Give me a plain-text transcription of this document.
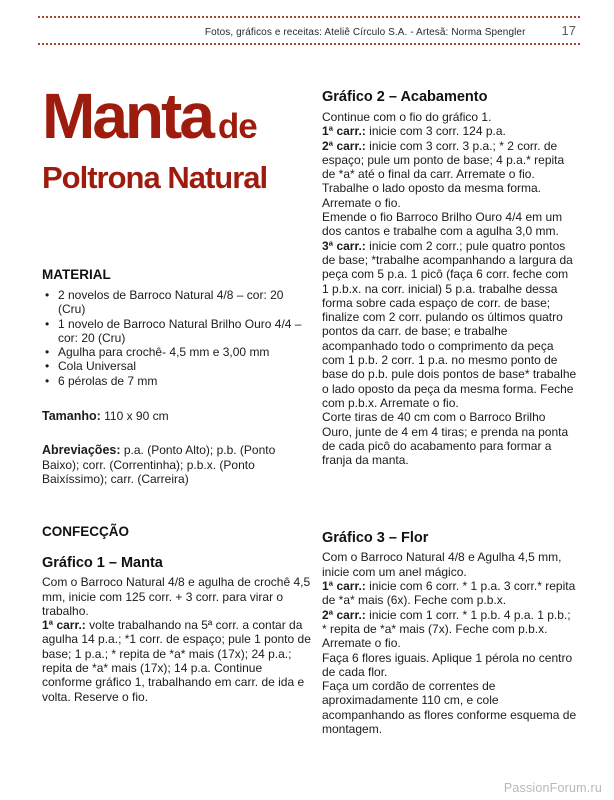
Fotos, gráficos e receitas: Ateliê Círculo S.A. - Artesã: Norma Spengler	17
Manta de
Poltrona Natural
MATERIAL
• 2 novelos de Barroco Natural 4/8 – cor: 20 (Cru)
• 1 novelo de Barroco Natural Brilho Ouro 4/4 – cor: 20 (Cru)
• Agulha para crochê- 4,5 mm e 3,00 mm
• Cola Universal
• 6 pérolas de 7 mm

Tamanho: 110 x 90 cm

Abreviações: p.a. (Ponto Alto); p.b. (Ponto Baixo); corr. (Correntinha); p.b.x. (Ponto Baixíssimo); carr. (Carreira)

CONFECÇÃO
Gráfico 1 – Manta

Com o Barroco Natural 4/8 e agulha de crochê 4,5 mm, inicie com 125 corr. + 3 corr. para virar o trabalho.

1ª carr.: volte trabalhando na 5ª corr. a contar da agulha 14 p.a.; *1 corr. de espaço; pule 1 ponto de base; 1 p.a.; * repita de *a* mais (17x); 24 p.a.; repita de *a* mais (17x); 14 p.a. Continue conforme gráfico 1, trabalhando em carr. de ida e volta. Reserve o fio.

Gráfico 2 – Acabamento

Continue com o fio do gráfico 1.

1ª carr.: inicie com 3 corr. 124 p.a.

2ª carr.: inicie com 3 corr. 3 p.a.; * 2 corr. de espaço; pule um ponto de base; 4 p.a.* repita de *a* até o final da carr. Arremate o fio. Trabalhe o lado oposto da mesma forma. Arremate o fio.

Emende o fio Barroco Brilho Ouro 4/4 em um dos cantos e trabalhe com a agulha 3,0 mm.

3ª carr.: inicie com 2 corr.; pule quatro pontos de base; *trabalhe acompanhando a largura da peça com 5 p.a. 1 picô (faça 6 corr. feche com 1 p.b.x. na corr. inicial) 5 p.a. trabalhe dessa forma sobre cada espaço de corr. de base; finalize com 2 corr. pulando os últimos quatro pontos da carr. de base; e trabalhe acompanhado todo o comprimento da peça com 1 p.b. 2 corr. 1 p.a. no mesmo ponto de base do p.b. pule dois pontos de base* trabalhe o lado oposto da peça da mesma forma. Feche com p.b.x. Arremate o fio.

Corte tiras de 40 cm com o Barroco Brilho Ouro, junte de 4 em 4 tiras; e prenda na ponta de cada picô do acabamento para formar a franja da manta.

Gráfico 3 – Flor

Com o Barroco Natural 4/8 e Agulha 4,5 mm, inicie com um anel mágico.

1ª carr.: inicie com 6 corr. * 1 p.a. 3 corr.* repita de *a* mais (6x). Feche com p.b.x.

2ª carr.: inicie com 1 corr. * 1 p.b. 4 p.a. 1 p.b.; * repita de *a* mais (7x). Feche com p.b.x. Arremate o fio.

Faça 6 flores iguais. Aplique 1 pérola no centro de cada flor.

Faça um cordão de correntes de aproximadamente 110 cm, e cole acompanhando as flores conforme esquema de montagem.

PassionForum.ru
